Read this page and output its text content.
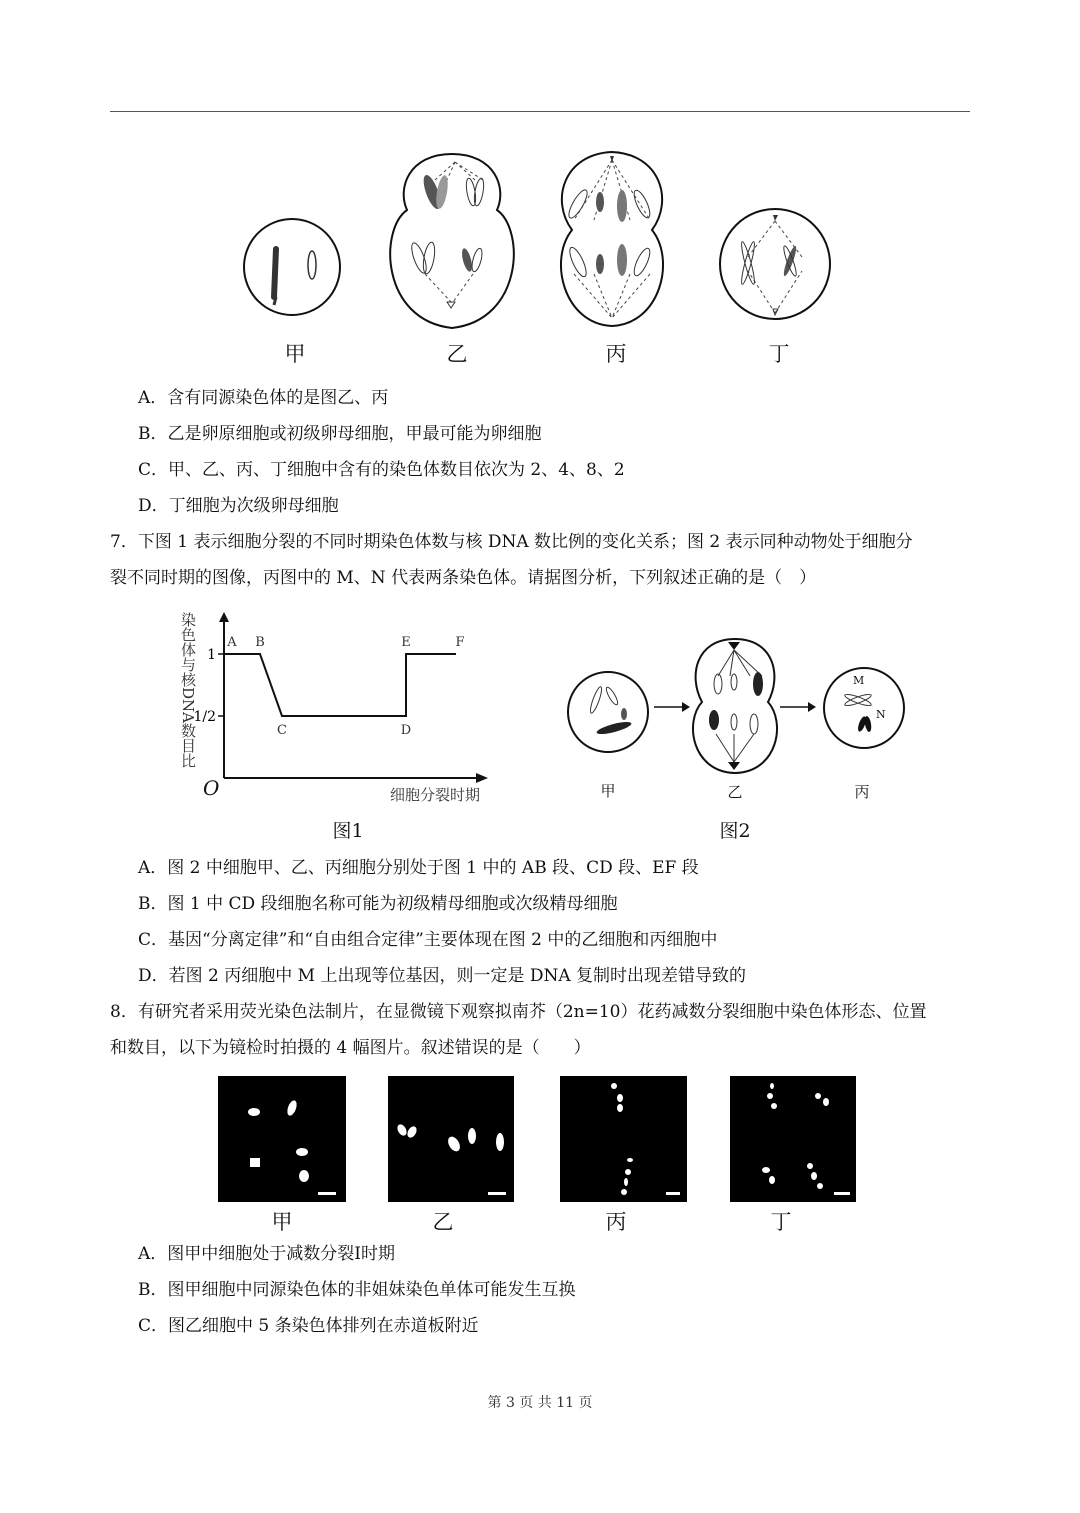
甲	乙	丙	丁
A．含有同源染色体的是图乙、丙
B．乙是卵原细胞或初级卵母细胞，甲最可能为卵细胞
C．甲、乙、丙、丁细胞中含有的染色体数目依次为 2、4、8、2
D．丁细胞为次级卵母细胞
7．下图 1 表示细胞分裂的不同时期染色体数与核 DNA 数比例的变化关系；图 2 表示同种动物处于细胞分
裂不同时期的图像，丙图中的 M、N 代表两条染色体。请据图分析，下列叙述正确的是（　）
1
1/2
A B
C	D
E	F
染色体与核DNA数目比
O	细胞分裂时期
图1
M
N
甲	乙	丙
图2
A．图 2 中细胞甲、乙、丙细胞分别处于图 1 中的 AB 段、CD 段、EF 段
B．图 1 中 CD 段细胞名称可能为初级精母细胞或次级精母细胞
C．基因“分离定律”和“自由组合定律”主要体现在图 2 中的乙细胞和丙细胞中
D．若图 2 丙细胞中 M 上出现等位基因，则一定是 DNA 复制时出现差错导致的
8．有研究者采用荧光染色法制片，在显微镜下观察拟南芥（2n=10）花药减数分裂细胞中染色体形态、位置
和数目，以下为镜检时拍摄的 4 幅图片。叙述错误的是（　　）
甲	乙	丙	丁
A．图甲中细胞处于减数分裂Ⅰ时期
B．图甲细胞中同源染色体的非姐妹染色单体可能发生互换
C．图乙细胞中 5 条染色体排列在赤道板附近
第 3 页 共 11 页
